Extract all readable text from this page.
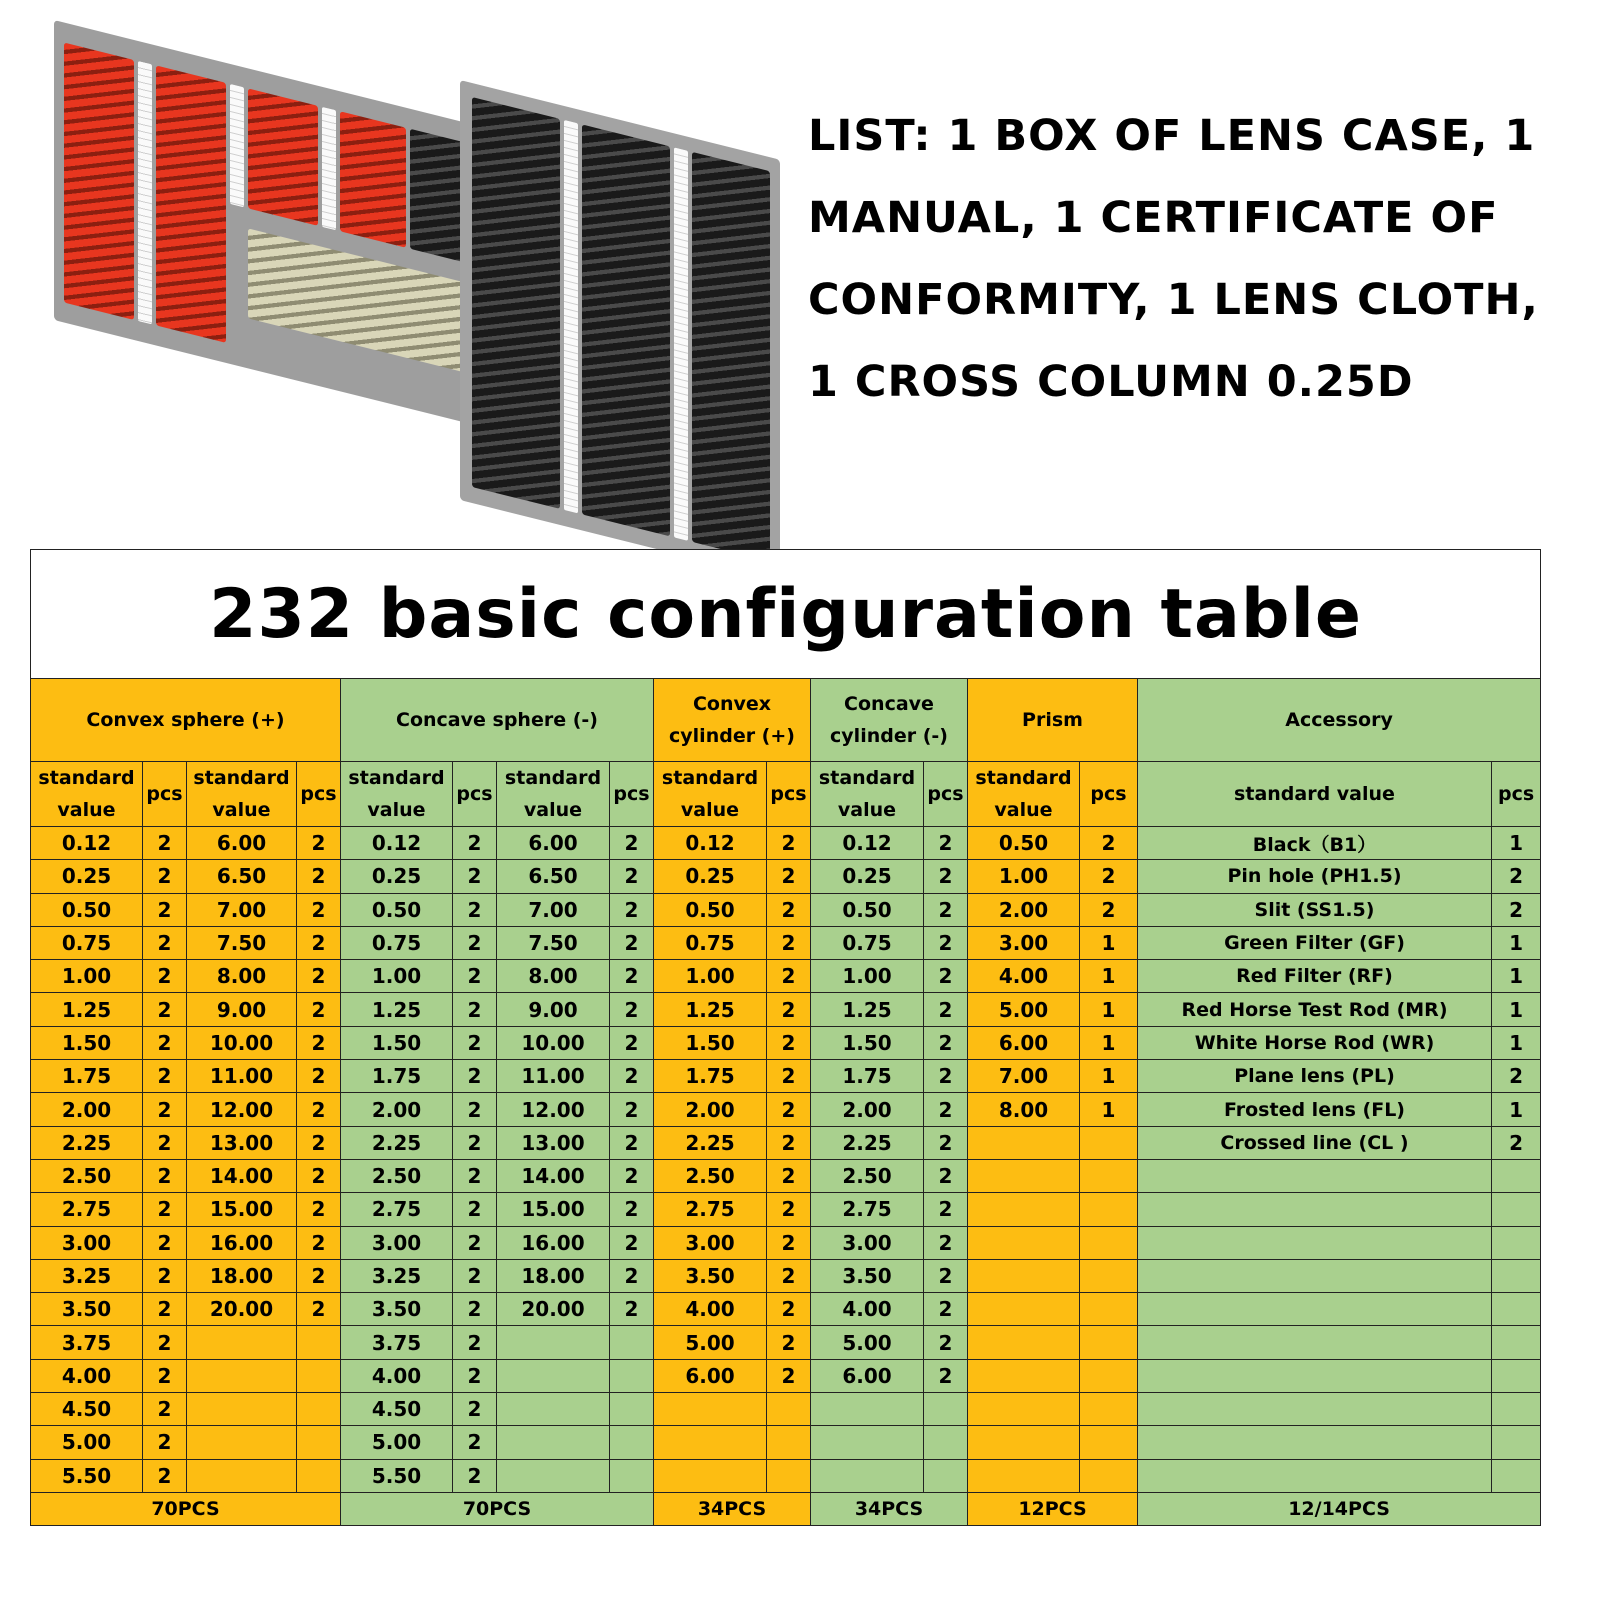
LIST: 1 BOX OF LENS CASE, 1 MANUAL, 1 CERTIFICATE OF CONFORMITY, 1 LENS CLOTH, 1 CROSS COLUMN 0.25D

232 basic configuration table															
Convex sphere (+)				Concave sphere (-)				Convex cylinder (+)		Concave cylinder (-)		Prism		Accessory	
standard value	pcs	standard value	pcs	standard value	pcs	standard value	pcs	standard value	pcs	standard value	pcs	standard value	pcs	standard value	pcs
0.12	2	6.00	2	0.12	2	6.00	2	0.12	2	0.12	2	0.50	2	Black（B1）	1
0.25	2	6.50	2	0.25	2	6.50	2	0.25	2	0.25	2	1.00	2	Pin hole (PH1.5)	2
0.50	2	7.00	2	0.50	2	7.00	2	0.50	2	0.50	2	2.00	2	Slit (SS1.5)	2
0.75	2	7.50	2	0.75	2	7.50	2	0.75	2	0.75	2	3.00	1	Green Filter (GF)	1
1.00	2	8.00	2	1.00	2	8.00	2	1.00	2	1.00	2	4.00	1	Red Filter (RF)	1
1.25	2	9.00	2	1.25	2	9.00	2	1.25	2	1.25	2	5.00	1	Red Horse Test Rod (MR)	1
1.50	2	10.00	2	1.50	2	10.00	2	1.50	2	1.50	2	6.00	1	White Horse Rod (WR)	1
1.75	2	11.00	2	1.75	2	11.00	2	1.75	2	1.75	2	7.00	1	Plane lens (PL)	2
2.00	2	12.00	2	2.00	2	12.00	2	2.00	2	2.00	2	8.00	1	Frosted lens (FL)	1
2.25	2	13.00	2	2.25	2	13.00	2	2.25	2	2.25	2			Crossed line (CL )	2
2.50	2	14.00	2	2.50	2	14.00	2	2.50	2	2.50	2				
2.75	2	15.00	2	2.75	2	15.00	2	2.75	2	2.75	2				
3.00	2	16.00	2	3.00	2	16.00	2	3.00	2	3.00	2				
3.25	2	18.00	2	3.25	2	18.00	2	3.50	2	3.50	2				
3.50	2	20.00	2	3.50	2	20.00	2	4.00	2	4.00	2				
3.75	2			3.75	2			5.00	2	5.00	2				
4.00	2			4.00	2			6.00	2	6.00	2				
4.50	2			4.50	2										
5.00	2			5.00	2										
5.50	2			5.50	2										
70PCS				70PCS				34PCS		34PCS		12PCS		12/14PCS	
